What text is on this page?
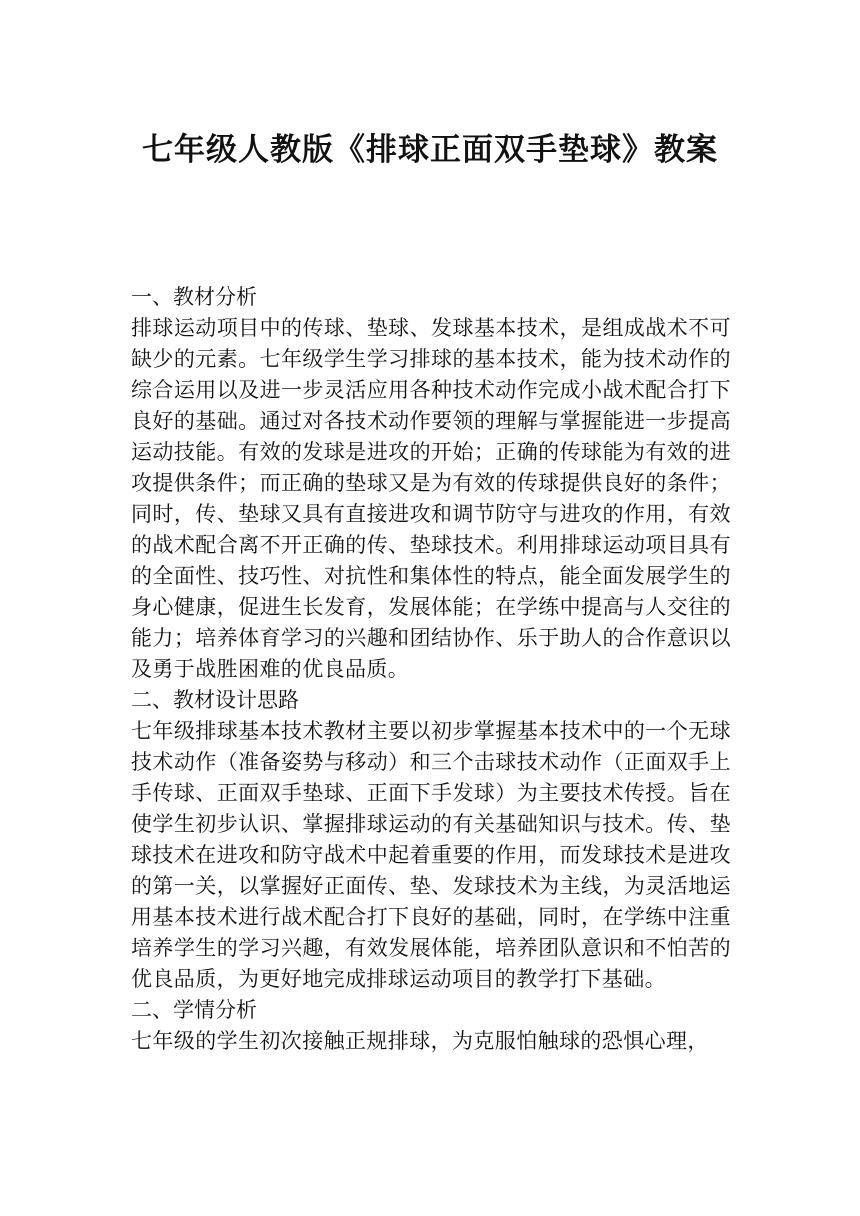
七年级人教版《排球正面双手垫球》教案
一、教材分析

排球运动项目中的传球、垫球、发球基本技术，是组成战术不可缺少的元素。七年级学生学习排球的基本技术，能为技术动作的综合运用以及进一步灵活应用各种技术动作完成小战术配合打下良好的基础。通过对各技术动作要领的理解与掌握能进一步提高运动技能。有效的发球是进攻的开始；正确的传球能为有效的进攻提供条件；而正确的垫球又是为有效的传球提供良好的条件；同时，传、垫球又具有直接进攻和调节防守与进攻的作用，有效的战术配合离不开正确的传、垫球技术。利用排球运动项目具有的全面性、技巧性、对抗性和集体性的特点，能全面发展学生的身心健康，促进生长发育，发展体能；在学练中提高与人交往的能力；培养体育学习的兴趣和团结协作、乐于助人的合作意识以及勇于战胜困难的优良品质。

二、教材设计思路

七年级排球基本技术教材主要以初步掌握基本技术中的一个无球技术动作（准备姿势与移动）和三个击球技术动作（正面双手上手传球、正面双手垫球、正面下手发球）为主要技术传授。旨在使学生初步认识、掌握排球运动的有关基础知识与技术。传、垫球技术在进攻和防守战术中起着重要的作用，而发球技术是进攻的第一关，以掌握好正面传、垫、发球技术为主线，为灵活地运用基本技术进行战术配合打下良好的基础，同时，在学练中注重培养学生的学习兴趣，有效发展体能，培养团队意识和不怕苦的优良品质，为更好地完成排球运动项目的教学打下基础。

二、学情分析

七年级的学生初次接触正规排球，为克服怕触球的恐惧心理，
